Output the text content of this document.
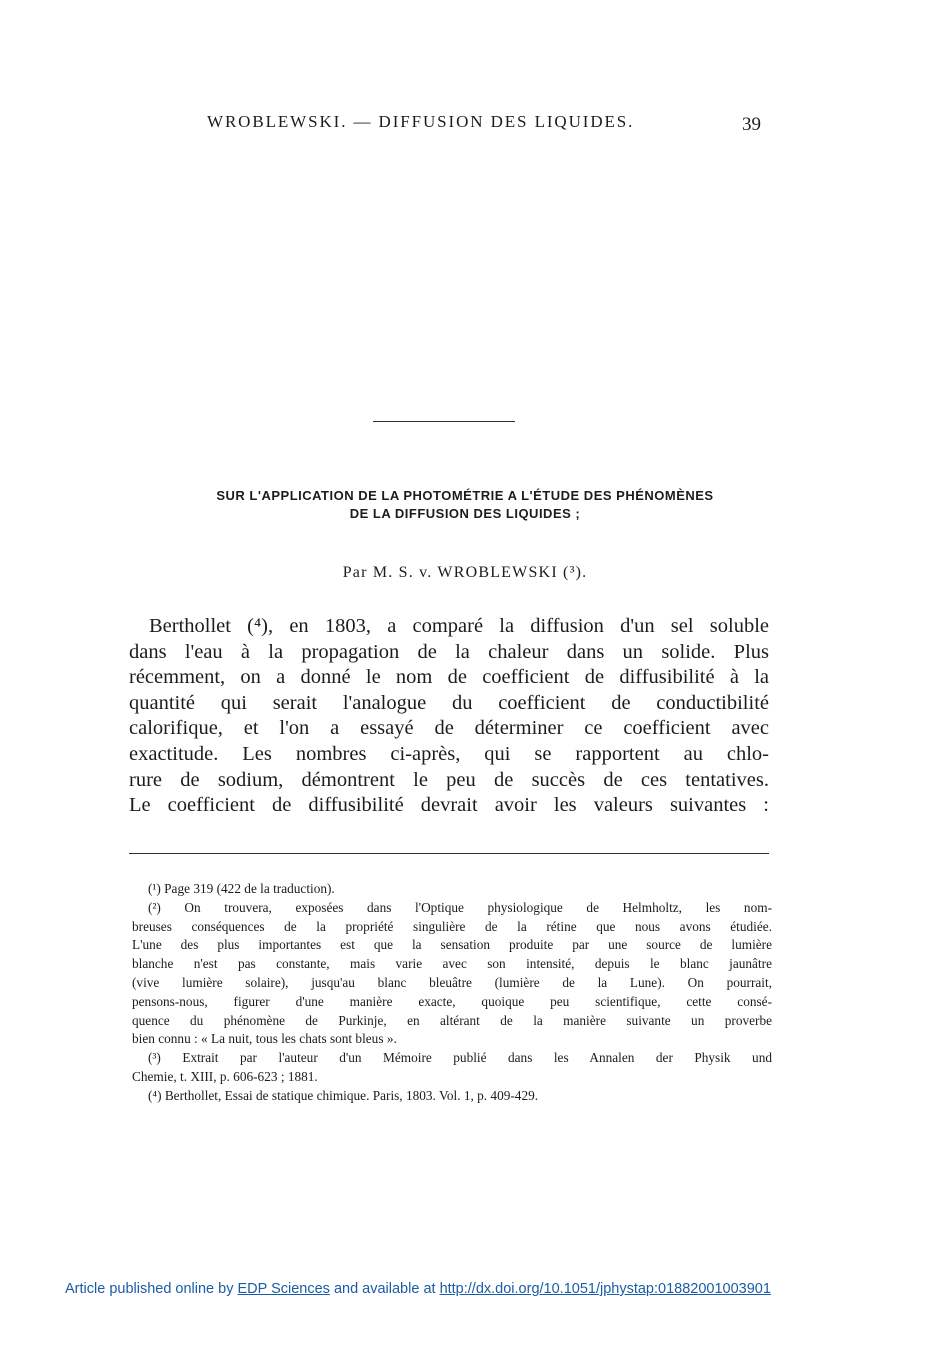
WROBLEWSKI. — DIFFUSION DES LIQUIDES.	39
SUR L'APPLICATION DE LA PHOTOMÉTRIE A L'ÉTUDE DES PHÉNOMÈNES
DE LA DIFFUSION DES LIQUIDES ;
Par M. S. v. WROBLEWSKI (³).
Berthollet (⁴), en 1803, a comparé la diffusion d'un sel soluble
dans l'eau à la propagation de la chaleur dans un solide. Plus
récemment, on a donné le nom de coefficient de diffusibilité à la
quantité qui serait l'analogue du coefficient de conductibilité
calorifique, et l'on a essayé de déterminer ce coefficient avec
exactitude. Les nombres ci-après, qui se rapportent au chlo-
rure de sodium, démontrent le peu de succès de ces tentatives.
Le coefficient de diffusibilité devrait avoir les valeurs suivantes :
(¹) Page 319 (422 de la traduction).
(²) On trouvera, exposées dans l'Optique physiologique de Helmholtz, les nom-
breuses conséquences de la propriété singulière de la rétine que nous avons étudiée.
L'une des plus importantes est que la sensation produite par une source de lumière
blanche n'est pas constante, mais varie avec son intensité, depuis le blanc jaunâtre
(vive lumière solaire), jusqu'au blanc bleuâtre (lumière de la Lune). On pourrait,
pensons-nous, figurer d'une manière exacte, quoique peu scientifique, cette consé-
quence du phénomène de Purkinje, en altérant de la manière suivante un proverbe
bien connu : « La nuit, tous les chats sont bleus ».
(³) Extrait par l'auteur d'un Mémoire publié dans les Annalen der Physik und
Chemie, t. XIII, p. 606-623 ; 1881.
(⁴) Berthollet, Essai de statique chimique. Paris, 1803. Vol. 1, p. 409-429.
Article published online by EDP Sciences and available at http://dx.doi.org/10.1051/jphystap:01882001003901
